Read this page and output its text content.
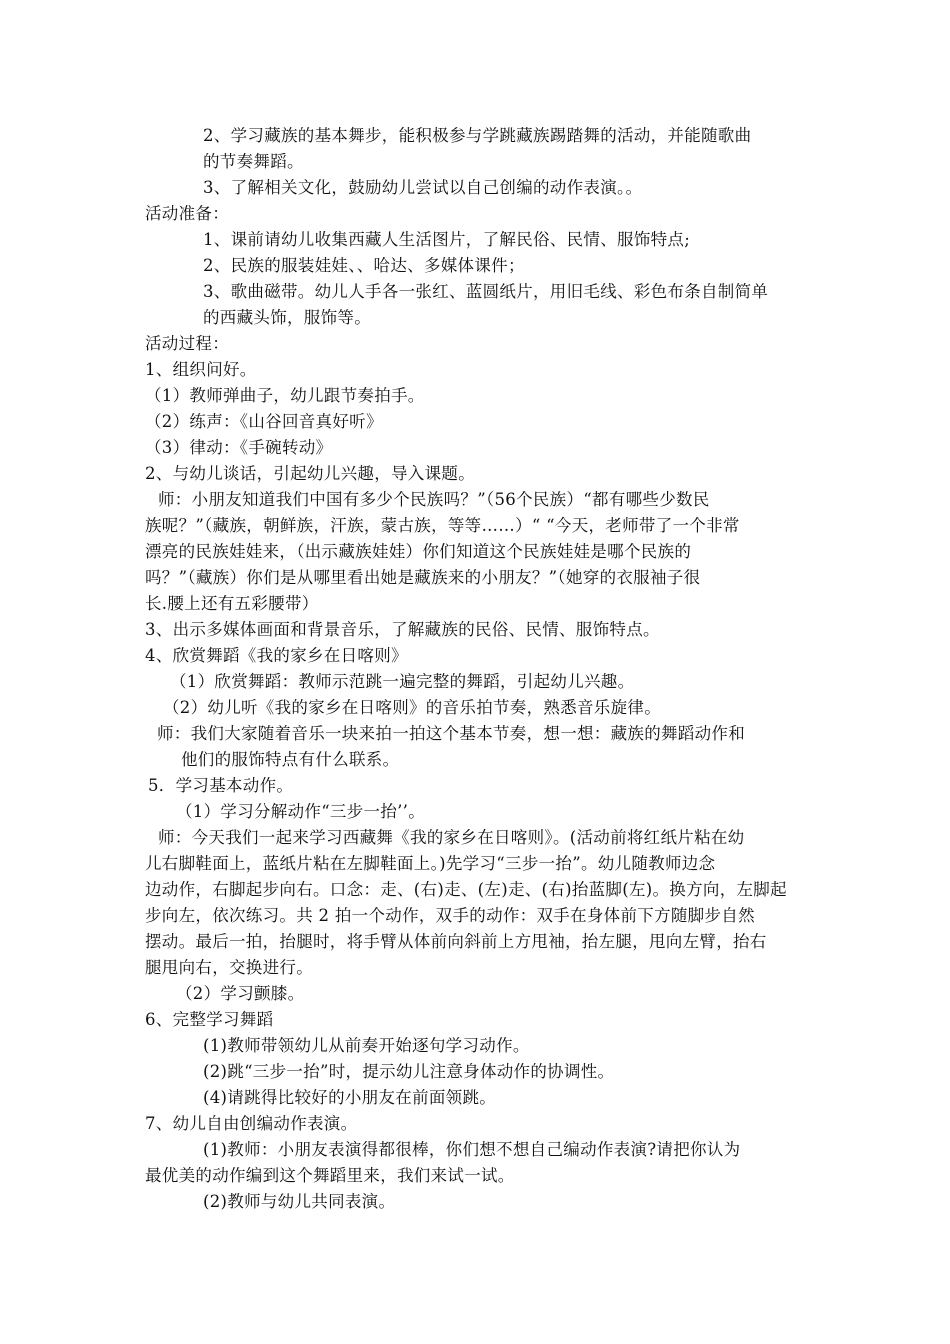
2、学习藏族的基本舞步，能积极参与学跳藏族踢踏舞的活动，并能随歌曲
的节奏舞蹈。
3、了解相关文化，鼓励幼儿尝试以自己创编的动作表演。。
活动准备：
1、课前请幼儿收集西藏人生活图片，了解民俗、民情、服饰特点;
2、民族的服装娃娃、、哈达、多媒体课件；
3、歌曲磁带。幼儿人手各一张红、蓝圆纸片，用旧毛线、彩色布条自制简单
的西藏头饰，服饰等。
活动过程：
1、组织问好。
（1）教师弹曲子，幼儿跟节奏拍手。
（2）练声：《山谷回音真好听》
（3）律动：《手碗转动》
2、与幼儿谈话，引起幼儿兴趣，导入课题。
师：小朋友知道我们中国有多少个民族吗？”（56个民族）“都有哪些少数民
族呢？”（藏族，朝鲜族，汗族，蒙古族，等等……）“ “今天，老师带了一个非常
漂亮的民族娃娃来，（出示藏族娃娃）你们知道这个民族娃娃是哪个民族的
吗？”（藏族）你们是从哪里看出她是藏族来的小朋友？”（她穿的衣服袖子很
长.腰上还有五彩腰带）
3、出示多媒体画面和背景音乐，了解藏族的民俗、民情、服饰特点。
4、欣赏舞蹈《我的家乡在日喀则》
（1）欣赏舞蹈：教师示范跳一遍完整的舞蹈，引起幼儿兴趣。
（2）幼儿听《我的家乡在日喀则》的音乐拍节奏，熟悉音乐旋律。
师：我们大家随着音乐一块来拍一拍这个基本节奏，想一想：藏族的舞蹈动作和
他们的服饰特点有什么联系。
5．学习基本动作。
（1）学习分解动作“三步一抬’’。
师：今天我们一起来学习西藏舞《我的家乡在日喀则》。(活动前将红纸片粘在幼
儿右脚鞋面上，蓝纸片粘在左脚鞋面上。)先学习“三步一抬”。幼儿随教师边念
边动作，右脚起步向右。口念：走、(右)走、(左)走、(右)抬蓝脚(左)。换方向，左脚起
步向左，依次练习。共 2 拍一个动作，双手的动作：双手在身体前下方随脚步自然
摆动。最后一拍，抬腿时，将手臂从体前向斜前上方甩袖，抬左腿，甩向左臂，抬右
腿甩向右，交换进行。
（2）学习颤膝。
6、完整学习舞蹈
(1)教师带领幼儿从前奏开始逐句学习动作。
(2)跳“三步一抬”时，提示幼儿注意身体动作的协调性。
(4)请跳得比较好的小朋友在前面领跳。
7、幼儿自由创编动作表演。
(1)教师：小朋友表演得都很棒，你们想不想自己编动作表演?请把你认为
最优美的动作编到这个舞蹈里来，我们来试一试。
(2)教师与幼儿共同表演。
